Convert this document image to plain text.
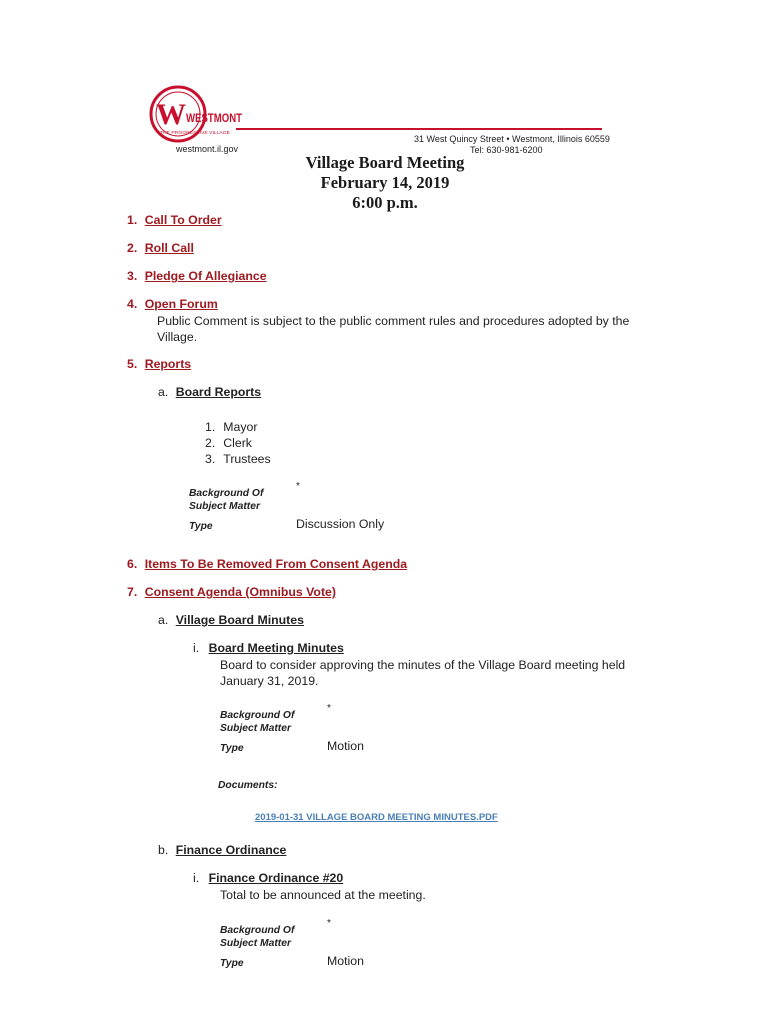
W WESTMONT
THE PROGRESSIVE VILLAGE
31 West Quincy Street • Westmont, Illinois 60559
Tel: 630-981-6200
westmont.il.gov
Village Board Meeting
February 14, 2019
6:00 p.m.
1. Call To Order
2. Roll Call
3. Pledge Of Allegiance
4. Open Forum
Public Comment is subject to the public comment rules and procedures adopted by the
Village.
5. Reports
a. Board Reports
1. Mayor
2. Clerk
3. Trustees
Background Of
Subject Matter
*
Type	Discussion Only
6. Items To Be Removed From Consent Agenda
7. Consent Agenda (Omnibus Vote)
a. Village Board Minutes
i. Board Meeting Minutes
Board to consider approving the minutes of the Village Board meeting held
January 31, 2019.
Background Of
Subject Matter
*
Type	Motion
Documents:
2019-01-31 VILLAGE BOARD MEETING MINUTES.PDF
b. Finance Ordinance
i. Finance Ordinance #20
Total to be announced at the meeting.
Background Of
Subject Matter
*
Type	Motion
